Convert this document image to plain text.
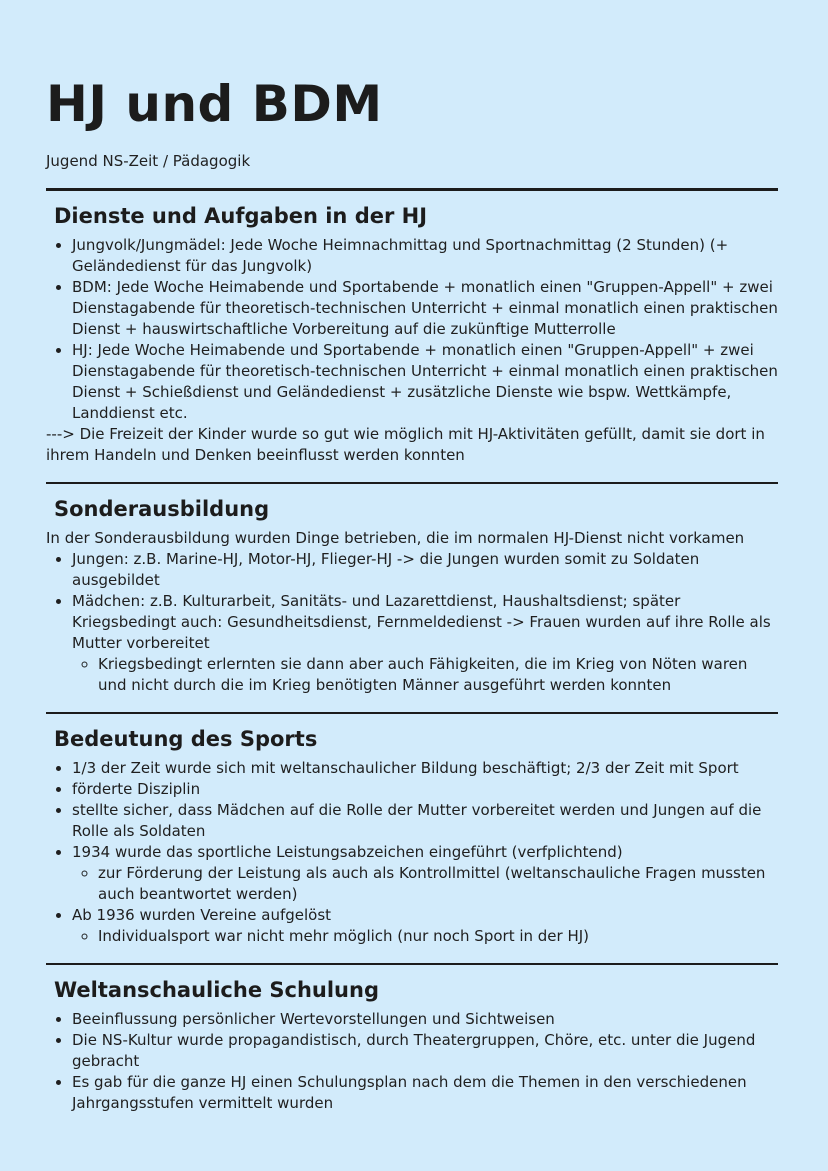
HJ und BDM
Jugend NS-Zeit / Pädagogik
Dienste und Aufgaben in der HJ
• Jungvolk/Jungmädel: Jede Woche Heimnachmittag und Sportnachmittag (2 Stunden) (+ Geländedienst für das Jungvolk)
• BDM: Jede Woche Heimabende und Sportabende + monatlich einen "Gruppen-Appell" + zwei Dienstagabende für theoretisch-technischen Unterricht + einmal monatlich einen praktischen Dienst + hauswirtschaftliche Vorbereitung auf die zukünftige Mutterrolle
• HJ: Jede Woche Heimabende und Sportabende + monatlich einen "Gruppen-Appell" + zwei Dienstagabende für theoretisch-technischen Unterricht + einmal monatlich einen praktischen Dienst + Schießdienst und Geländedienst + zusätzliche Dienste wie bspw. Wettkämpfe, Landdienst etc.

---> Die Freizeit der Kinder wurde so gut wie möglich mit HJ-Aktivitäten gefüllt, damit sie dort in ihrem Handeln und Denken beeinflusst werden konnten

Sonderausbildung

In der Sonderausbildung wurden Dinge betrieben, die im normalen HJ-Dienst nicht vorkamen

• Jungen: z.B. Marine-HJ, Motor-HJ, Flieger-HJ -> die Jungen wurden somit zu Soldaten ausgebildet
• Mädchen: z.B. Kulturarbeit, Sanitäts- und Lazarettdienst, Haushaltsdienst; später Kriegsbedingt auch: Gesundheitsdienst, Fernmeldedienst -> Frauen wurden auf ihre Rolle als Mutter vorbereitet
◦ Kriegsbedingt erlernten sie dann aber auch Fähigkeiten, die im Krieg von Nöten waren und nicht durch die im Krieg benötigten Männer ausgeführt werden konnten
Bedeutung des Sports
• 1/3 der Zeit wurde sich mit weltanschaulicher Bildung beschäftigt; 2/3 der Zeit mit Sport
• förderte Disziplin
• stellte sicher, dass Mädchen auf die Rolle der Mutter vorbereitet werden und Jungen auf die Rolle als Soldaten
• 1934 wurde das sportliche Leistungsabzeichen eingeführt (verfplichtend)
◦ zur Förderung der Leistung als auch als Kontrollmittel (weltanschauliche Fragen mussten auch beantwortet werden)
• Ab 1936 wurden Vereine aufgelöst
◦ Individualsport war nicht mehr möglich (nur noch Sport in der HJ)
Weltanschauliche Schulung
• Beeinflussung persönlicher Wertevorstellungen und Sichtweisen
• Die NS-Kultur wurde propagandistisch, durch Theatergruppen, Chöre, etc. unter die Jugend gebracht
• Es gab für die ganze HJ einen Schulungsplan nach dem die Themen in den verschiedenen Jahrgangsstufen vermittelt wurden
